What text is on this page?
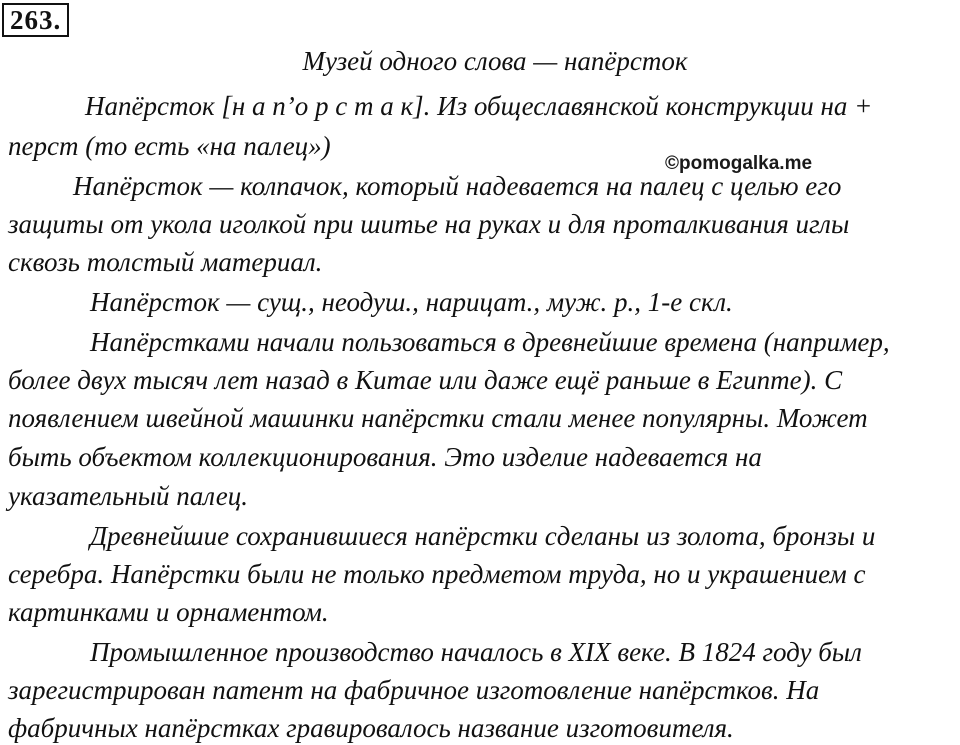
263.
Музей одного слова — напёрсток
Напёрсток [н а п’о р с т а к]. Из общеславянской конструкции на +
перст (то есть «на палец»)
©pomogalka.me
Напёрсток — колпачок, который надевается на палец с целью его
защиты от укола иголкой при шитье на руках и для проталкивания иглы
сквозь толстый материал.
Напёрсток — сущ., неодуш., нарицат., муж. р., 1-е скл.
Напёрстками начали пользоваться в древнейшие времена (например,
более двух тысяч лет назад в Китае или даже ещё раньше в Египте). С
появлением швейной машинки напёрстки стали менее популярны. Может
быть объектом коллекционирования. Это изделие надевается на
указательный палец.
Древнейшие сохранившиеся напёрстки сделаны из золота, бронзы и
серебра. Напёрстки были не только предметом труда, но и украшением с
картинками и орнаментом.
Промышленное производство началось в XIX веке. В 1824 году был
зарегистрирован патент на фабричное изготовление напёрстков. На
фабричных напёрстках гравировалось название изготовителя.
